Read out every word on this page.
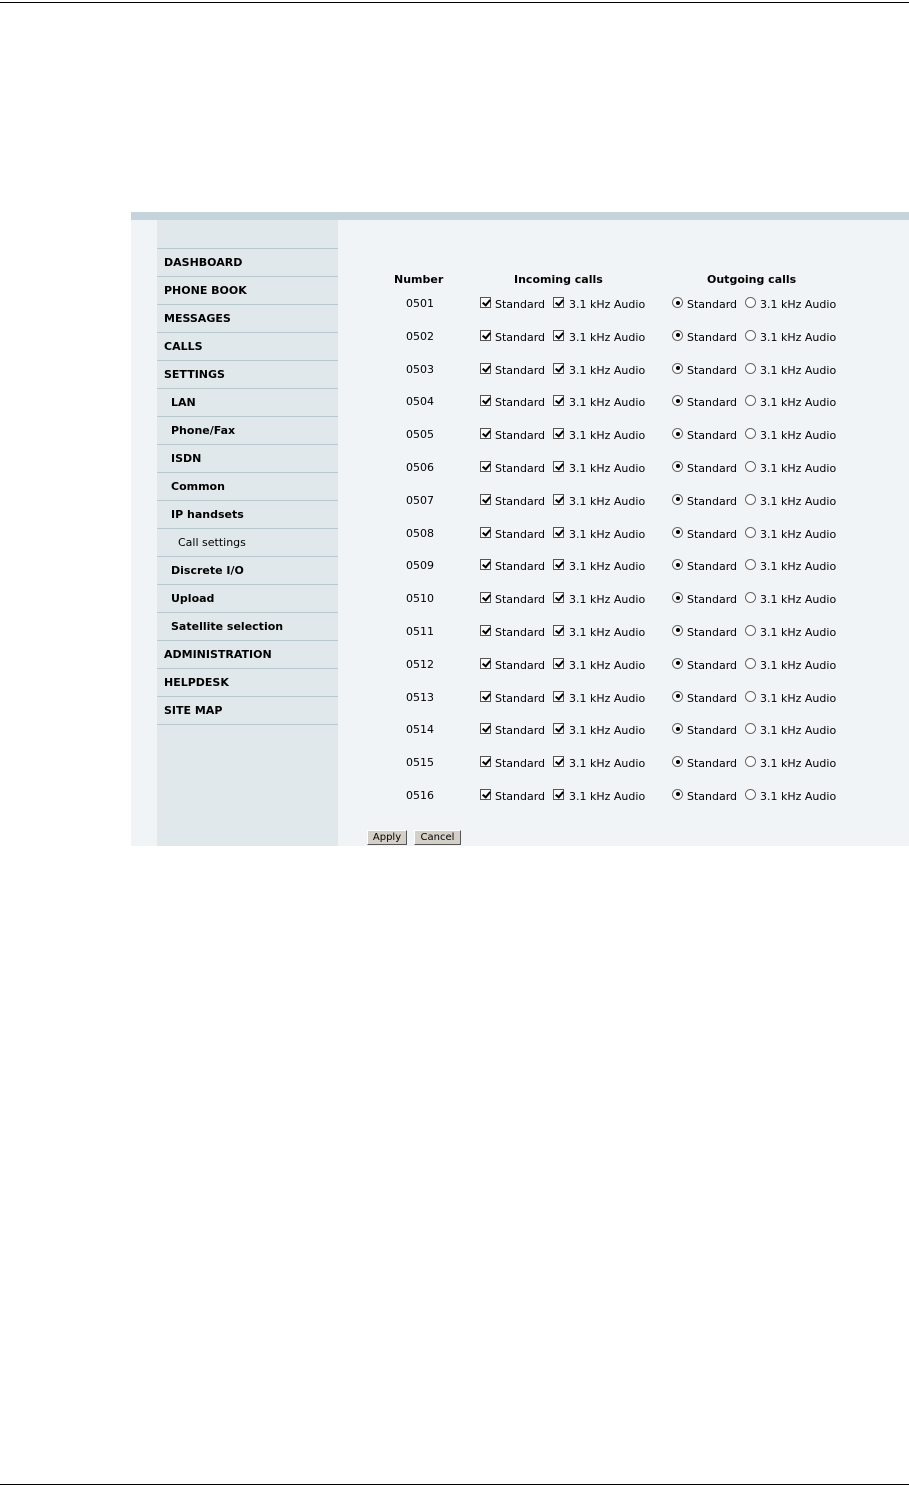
DASHBOARD
PHONE BOOK
MESSAGES
CALLS
SETTINGS
LAN
Phone/Fax
ISDN
Common
IP handsets
Call settings
Discrete I/O
Upload
Satellite selection
ADMINISTRATION
HELPDESK
SITE MAP
Number	Incoming calls	Outgoing calls
0501	Standard 3.1 kHz Audio	Standard 3.1 kHz Audio
0502	Standard 3.1 kHz Audio	Standard 3.1 kHz Audio
0503	Standard 3.1 kHz Audio	Standard 3.1 kHz Audio
0504	Standard 3.1 kHz Audio	Standard 3.1 kHz Audio
0505	Standard 3.1 kHz Audio	Standard 3.1 kHz Audio
0506	Standard 3.1 kHz Audio	Standard 3.1 kHz Audio
0507	Standard 3.1 kHz Audio	Standard 3.1 kHz Audio
0508	Standard 3.1 kHz Audio	Standard 3.1 kHz Audio
0509	Standard 3.1 kHz Audio	Standard 3.1 kHz Audio
0510	Standard 3.1 kHz Audio	Standard 3.1 kHz Audio
0511	Standard 3.1 kHz Audio	Standard 3.1 kHz Audio
0512	Standard 3.1 kHz Audio	Standard 3.1 kHz Audio
0513	Standard 3.1 kHz Audio	Standard 3.1 kHz Audio
0514	Standard 3.1 kHz Audio	Standard 3.1 kHz Audio
0515	Standard 3.1 kHz Audio	Standard 3.1 kHz Audio
0516	Standard 3.1 kHz Audio	Standard 3.1 kHz Audio
Apply	Cancel
